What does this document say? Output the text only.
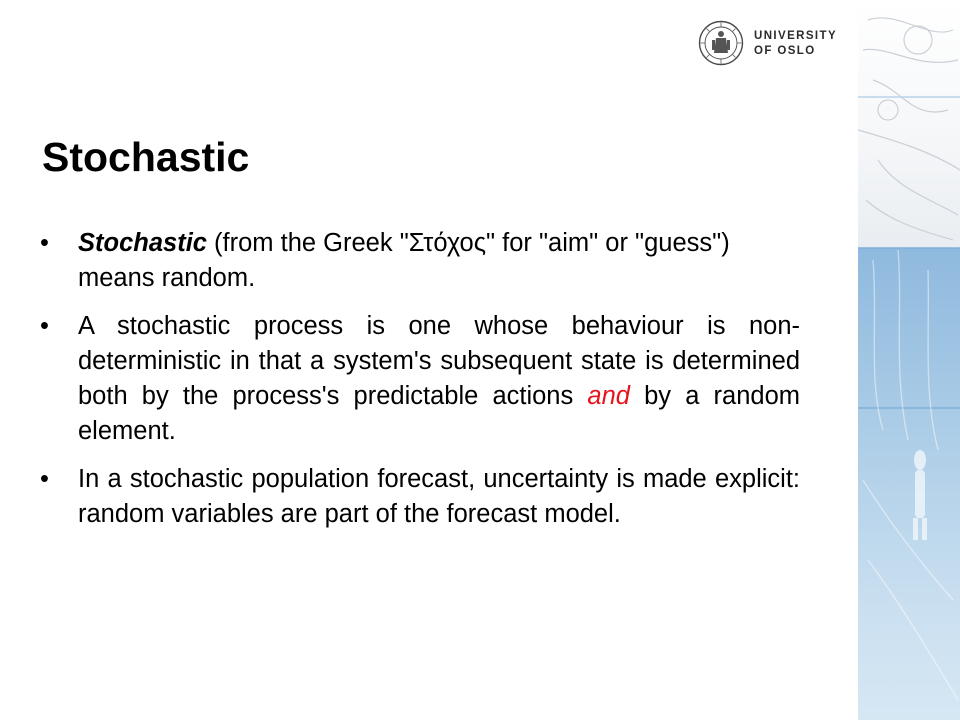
UNIVERSITY
OF OSLO
Stochastic
•	Stochastic (from the Greek "Στόχος" for "aim" or "guess") means random.
•	A stochastic process is one whose behaviour is non-deterministic in that a system's subsequent state is determined both by the process's predictable actions and by a random element.
•	In a stochastic population forecast, uncertainty is made explicit: random variables are part of the forecast model.
